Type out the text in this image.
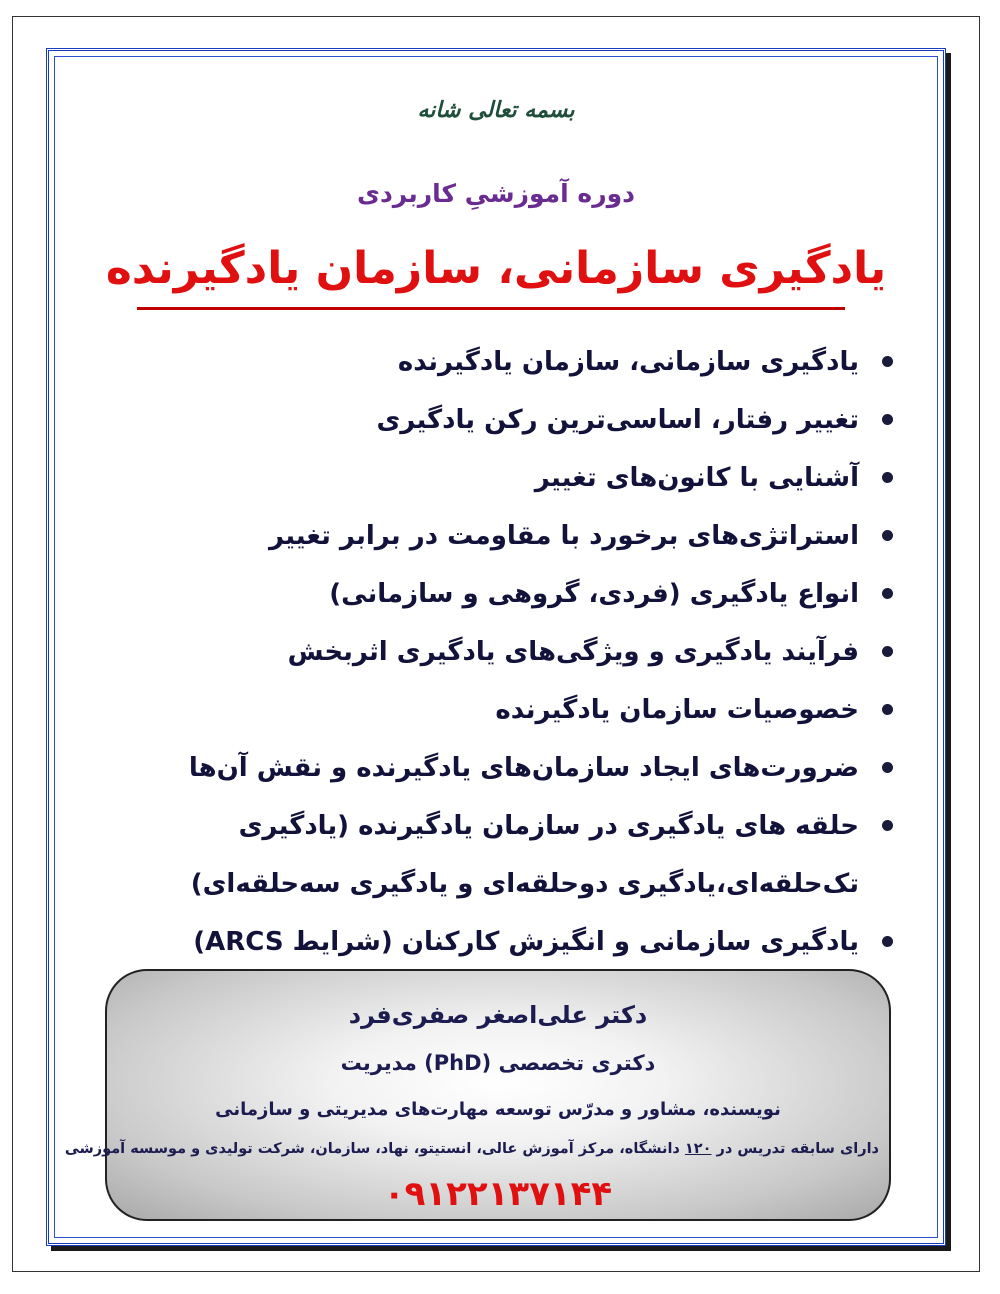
بسمه تعالی شانه
دوره آموزشیِ کاربردی
یادگیری سازمانی، سازمان یادگیرنده
یادگیری سازمانی، سازمان یادگیرنده
تغییر رفتار، اساسی‌ترین رکن یادگیری
آشنایی با کانون‌های تغییر
استراتژی‌های برخورد با مقاومت در برابر تغییر
انواع یادگیری (فردی، گروهی و سازمانی)
فرآیند یادگیری و ویژگی‌های یادگیری اثربخش
خصوصیات سازمان یادگیرنده
ضرورت‌های ایجاد سازمان‌های یادگیرنده و نقش آن‌ها
حلقه های یادگیری در سازمان یادگیرنده (یادگیری تک‌حلقه‌ای،یادگیری دوحلقه‌ای و یادگیری سه‌حلقه‌ای)
یادگیری سازمانی و انگیزش کارکنان (شرایط ARCS)
دکتر علی‌اصغر صفری‌فرد
دکتری تخصصی (PhD) مدیریت
نویسنده، مشاور و مدرّس توسعه مهارت‌های مدیریتی و سازمانی
دارای سابقه تدریس در ۱۲۰ دانشگاه، مرکز آموزش عالی، انستیتو، نهاد، سازمان، شرکت تولیدی و موسسه آموزشی
۰۹۱۲۲۱۳۷۱۴۴
